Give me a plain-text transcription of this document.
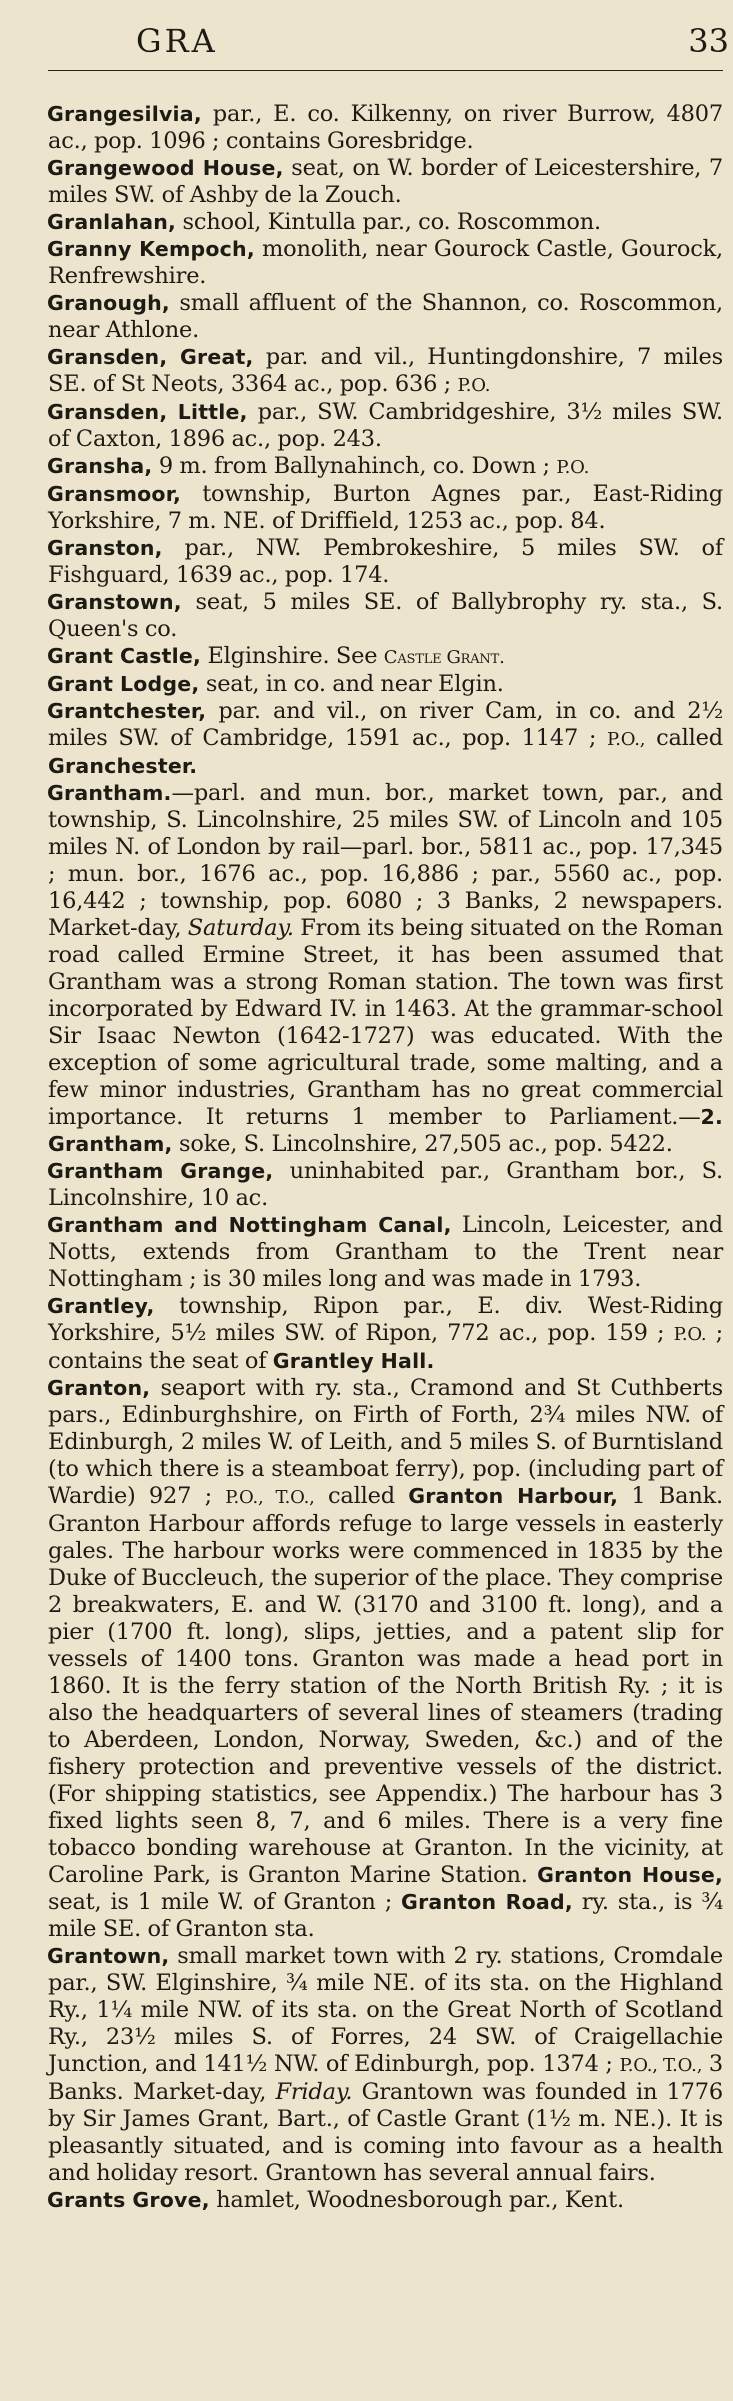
GRA	33
Grangesilvia, par., E. co. Kilkenny, on river Burrow, 4807 ac., pop. 1096 ; contains Goresbridge.
Grangewood House, seat, on W. border of Leicestershire, 7 miles SW. of Ashby de la Zouch.
Granlahan, school, Kintulla par., co. Roscommon.
Granny Kempoch, monolith, near Gourock Castle, Gourock, Renfrewshire.
Granough, small affluent of the Shannon, co. Roscommon, near Athlone.
Gransden, Great, par. and vil., Huntingdonshire, 7 miles SE. of St Neots, 3364 ac., pop. 636 ; P.O.
Gransden, Little, par., SW. Cambridgeshire, 3½ miles SW. of Caxton, 1896 ac., pop. 243.
Gransha, 9 m. from Ballynahinch, co. Down ; P.O.
Gransmoor, township, Burton Agnes par., East-Riding Yorkshire, 7 m. NE. of Driffield, 1253 ac., pop. 84.
Granston, par., NW. Pembrokeshire, 5 miles SW. of Fishguard, 1639 ac., pop. 174.
Granstown, seat, 5 miles SE. of Ballybrophy ry. sta., S. Queen's co.
Grant Castle, Elginshire. See Castle Grant.
Grant Lodge, seat, in co. and near Elgin.
Grantchester, par. and vil., on river Cam, in co. and 2½ miles SW. of Cambridge, 1591 ac., pop. 1147 ; P.O., called Granchester.
Grantham.—parl. and mun. bor., market town, par., and township, S. Lincolnshire, 25 miles SW. of Lincoln and 105 miles N. of London by rail—parl. bor., 5811 ac., pop. 17,345 ; mun. bor., 1676 ac., pop. 16,886 ; par., 5560 ac., pop. 16,442 ; township, pop. 6080 ; 3 Banks, 2 newspapers. Market-day, Saturday. From its being situated on the Roman road called Ermine Street, it has been assumed that Grantham was a strong Roman station. The town was first incorporated by Edward IV. in 1463. At the grammar-school Sir Isaac Newton (1642-1727) was educated. With the exception of some agricultural trade, some malting, and a few minor industries, Grantham has no great commercial importance. It returns 1 member to Parliament.—2. Grantham, soke, S. Lincolnshire, 27,505 ac., pop. 5422.
Grantham Grange, uninhabited par., Grantham bor., S. Lincolnshire, 10 ac.
Grantham and Nottingham Canal, Lincoln, Leicester, and Notts, extends from Grantham to the Trent near Nottingham ; is 30 miles long and was made in 1793.
Grantley, township, Ripon par., E. div. West-Riding Yorkshire, 5½ miles SW. of Ripon, 772 ac., pop. 159 ; P.O. ; contains the seat of Grantley Hall.
Granton, seaport with ry. sta., Cramond and St Cuthberts pars., Edinburghshire, on Firth of Forth, 2¾ miles NW. of Edinburgh, 2 miles W. of Leith, and 5 miles S. of Burntisland (to which there is a steamboat ferry), pop. (including part of Wardie) 927 ; P.O., T.O., called Granton Harbour, 1 Bank. Granton Harbour affords refuge to large vessels in easterly gales. The harbour works were commenced in 1835 by the Duke of Buccleuch, the superior of the place. They comprise 2 breakwaters, E. and W. (3170 and 3100 ft. long), and a pier (1700 ft. long), slips, jetties, and a patent slip for vessels of 1400 tons. Granton was made a head port in 1860. It is the ferry station of the North British Ry. ; it is also the headquarters of several lines of steamers (trading to Aberdeen, London, Norway, Sweden, &c.) and of the fishery protection and preventive vessels of the district. (For shipping statistics, see Appendix.) The harbour has 3 fixed lights seen 8, 7, and 6 miles. There is a very fine tobacco bonding warehouse at Granton. In the vicinity, at Caroline Park, is Granton Marine Station. Granton House, seat, is 1 mile W. of Granton ; Granton Road, ry. sta., is ¾ mile SE. of Granton sta.
Grantown, small market town with 2 ry. stations, Cromdale par., SW. Elginshire, ¾ mile NE. of its sta. on the Highland Ry., 1¼ mile NW. of its sta. on the Great North of Scotland Ry., 23½ miles S. of Forres, 24 SW. of Craigellachie Junction, and 141½ NW. of Edinburgh, pop. 1374 ; P.O., T.O., 3 Banks. Market-day, Friday. Grantown was founded in 1776 by Sir James Grant, Bart., of Castle Grant (1½ m. NE.). It is pleasantly situated, and is coming into favour as a health and holiday resort. Grantown has several annual fairs.
Grants Grove, hamlet, Woodnesborough par., Kent.
